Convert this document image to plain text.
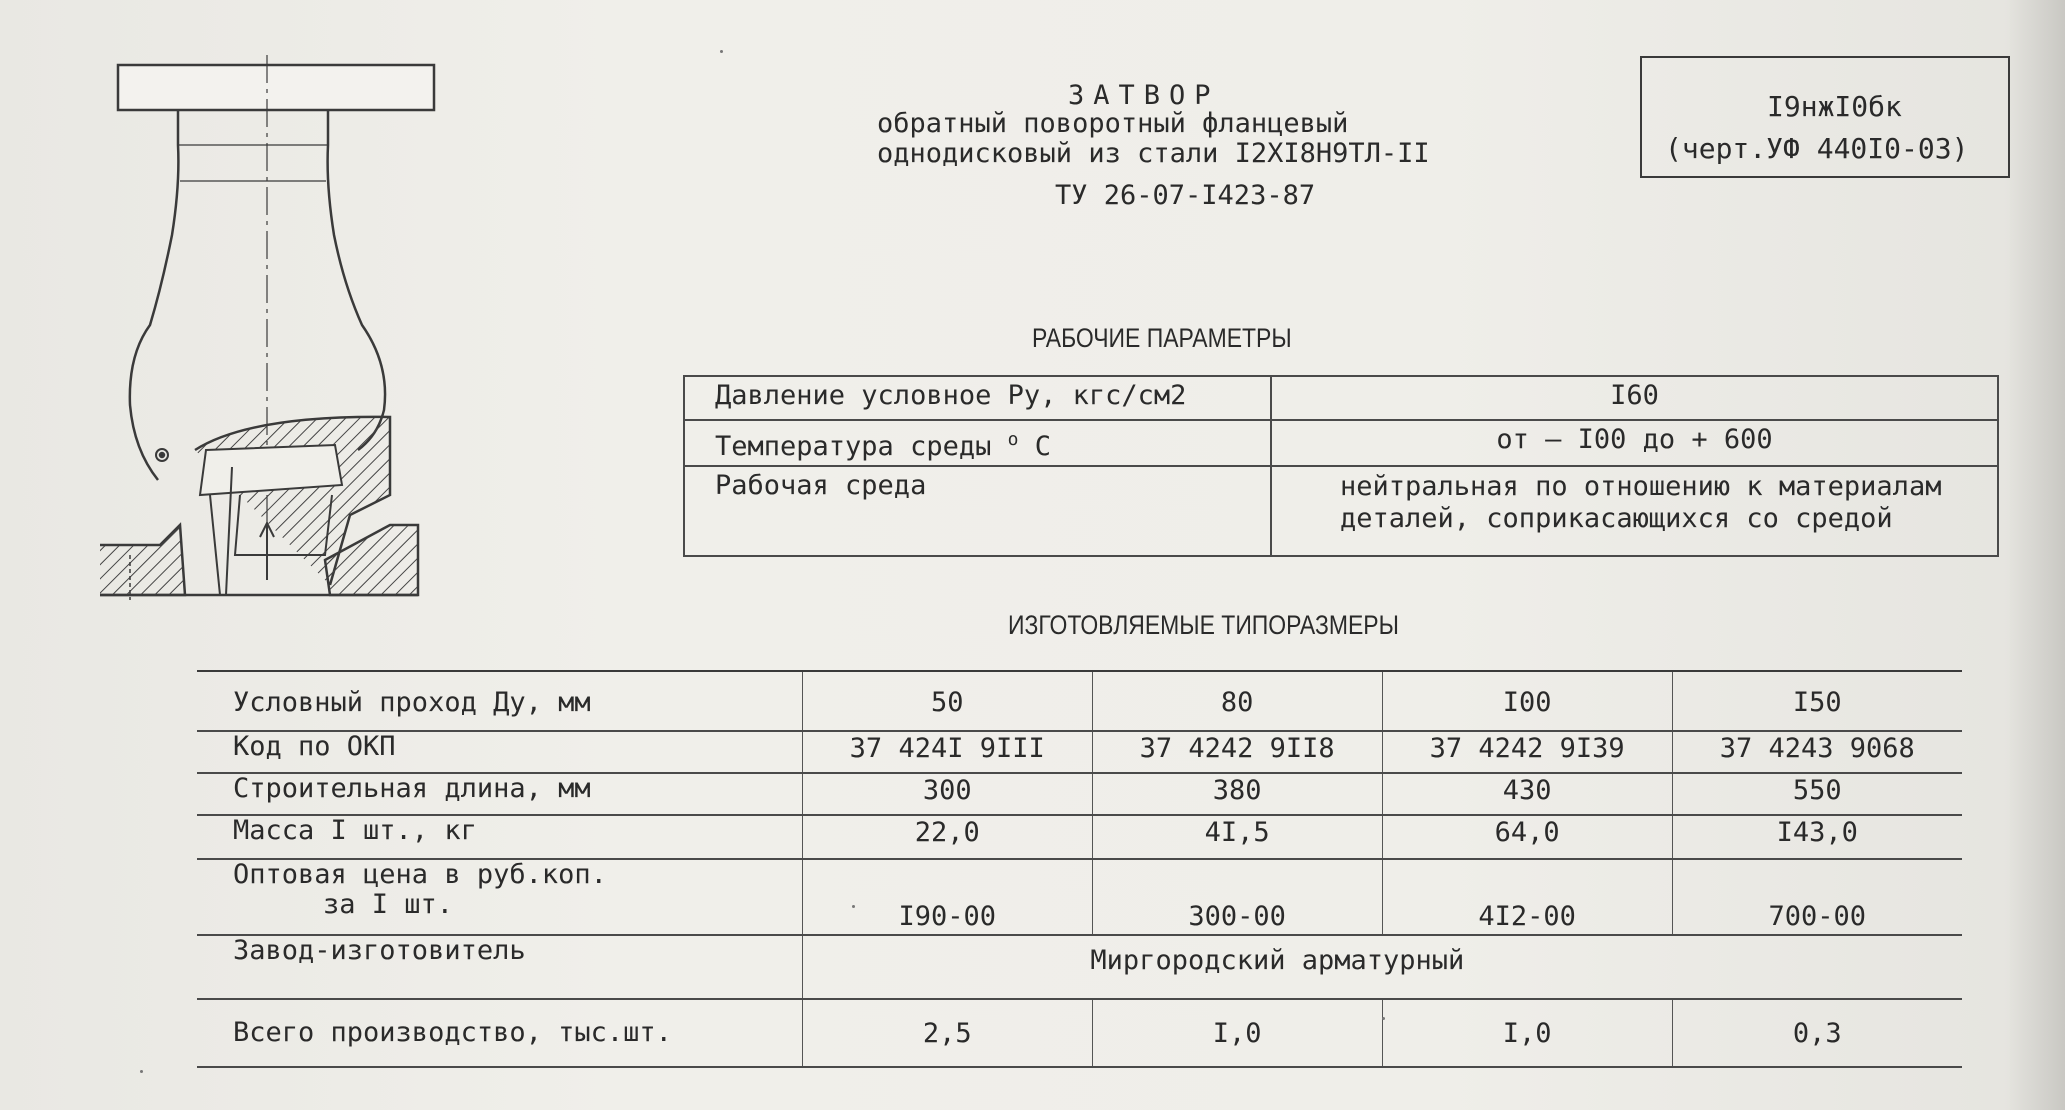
ЗАТВОР
обратный поворотный фланцевый
однодисковый из стали I2XI8H9TЛ-II
ТУ 26-07-I423-87
I9нжI0бк
(черт.УФ 440I0-03)
РАБОЧИЕ ПАРАМЕТРЫ
Давление условное Ру, кгс/см2	I60
Температура среды $^o$ C	от – I00 до + 600
Рабочая среда	нейтральная по отношению к материалам
деталей, соприкасающихся со средой
ИЗГОТОВЛЯЕМЫЕ ТИПОРАЗМЕРЫ
Условный проход Ду, мм	50	80	I00	I50
Код по ОКП	37 424I 9III	37 4242 9II8	37 4242 9I39	37 4243 9068
Строительная длина, мм	300	380	430	550
Масса I шт., кг	22,0	4I,5	64,0	I43,0
Оптовая цена в руб.коп.
за I шт.	I90-00	300-00	4I2-00	700-00
Завод-изготовитель	Миргородский арматурный			
Всего производство, тыс.шт.	2,5	I,0	I,0	0,3
